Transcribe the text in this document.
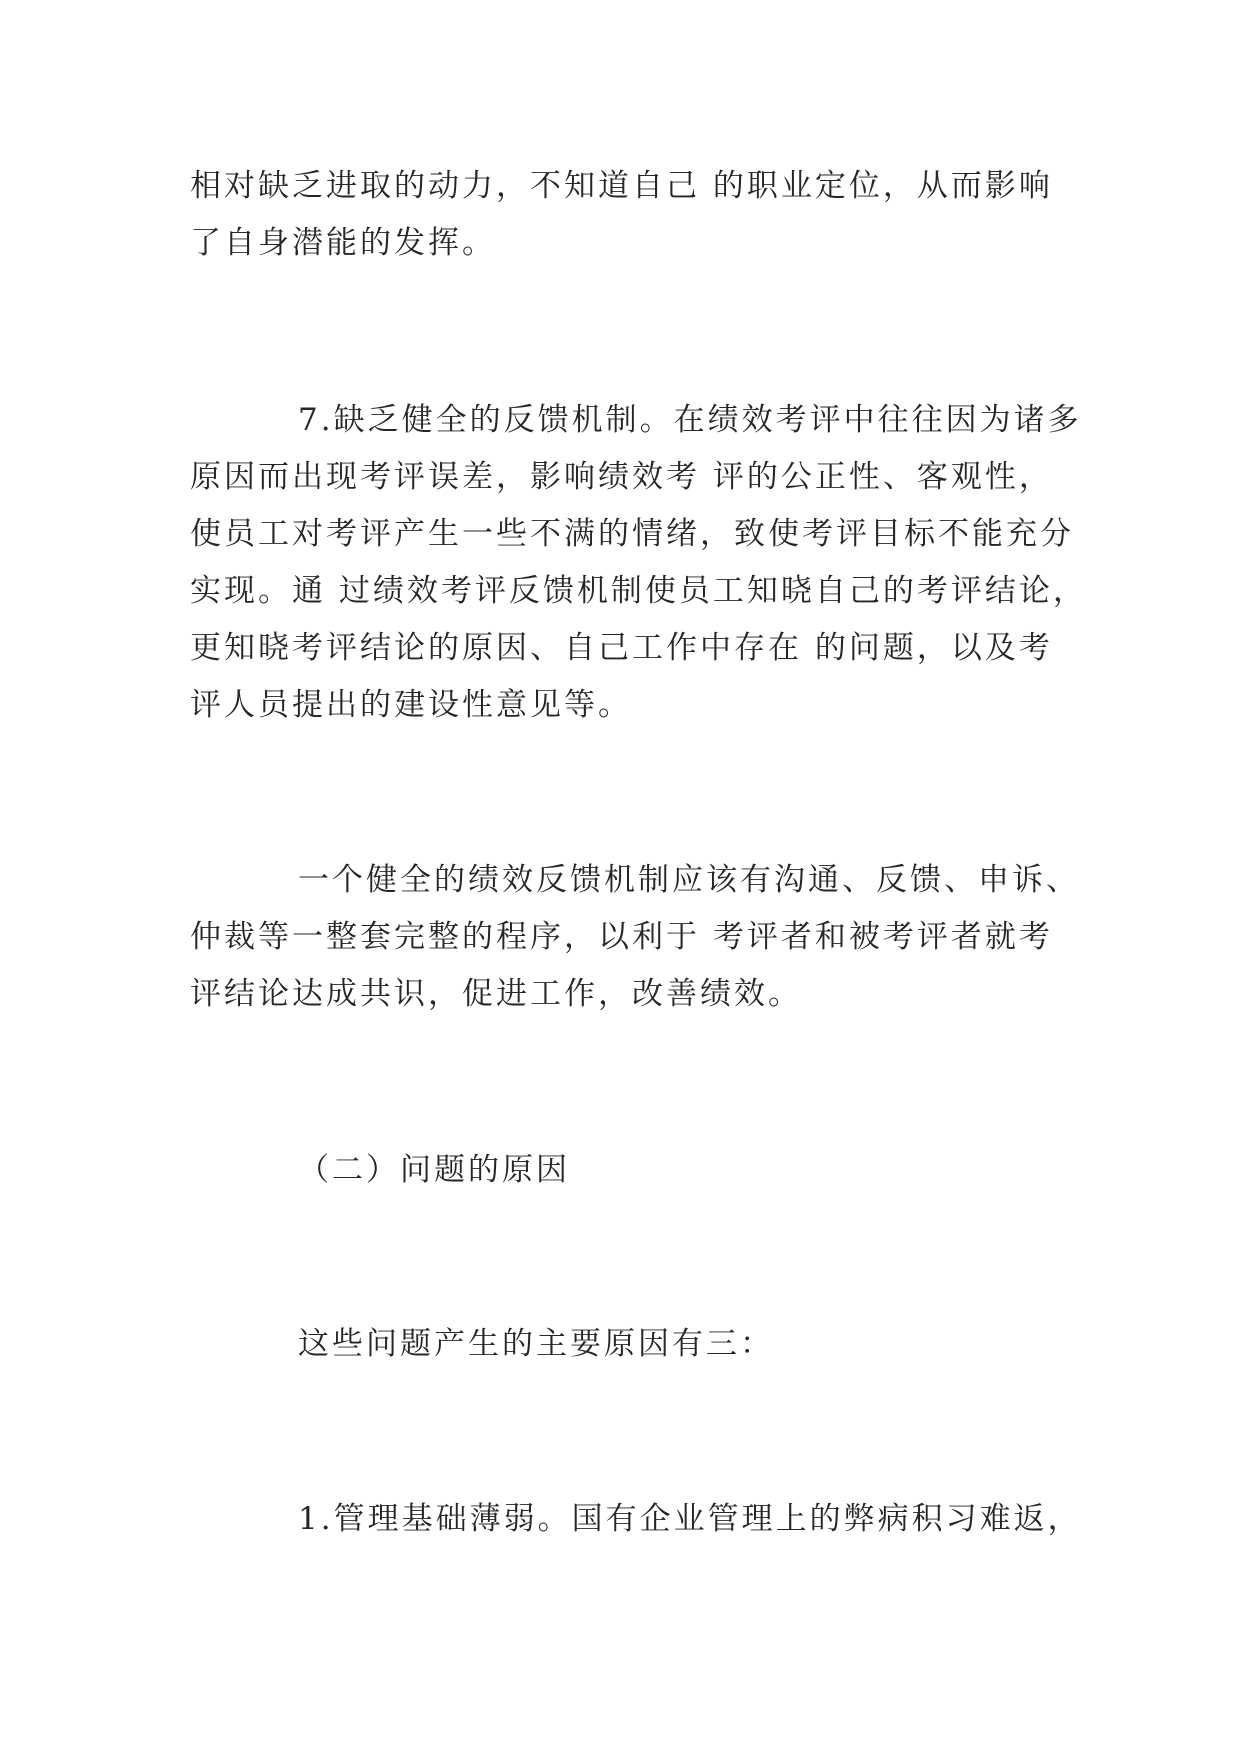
相对缺乏进取的动力，不知道自己 的职业定位，从而影响
了自身潜能的发挥。
7.缺乏健全的反馈机制。在绩效考评中往往因为诸多
原因而出现考评误差，影响绩效考 评的公正性、客观性，
使员工对考评产生一些不满的情绪，致使考评目标不能充分
实现。通 过绩效考评反馈机制使员工知晓自己的考评结论，
更知晓考评结论的原因、自己工作中存在 的问题，以及考
评人员提出的建设性意见等。
一个健全的绩效反馈机制应该有沟通、反馈、申诉、
仲裁等一整套完整的程序，以利于 考评者和被考评者就考
评结论达成共识，促进工作，改善绩效。
（二）问题的原因
这些问题产生的主要原因有三：
1.管理基础薄弱。国有企业管理上的弊病积习难返，
